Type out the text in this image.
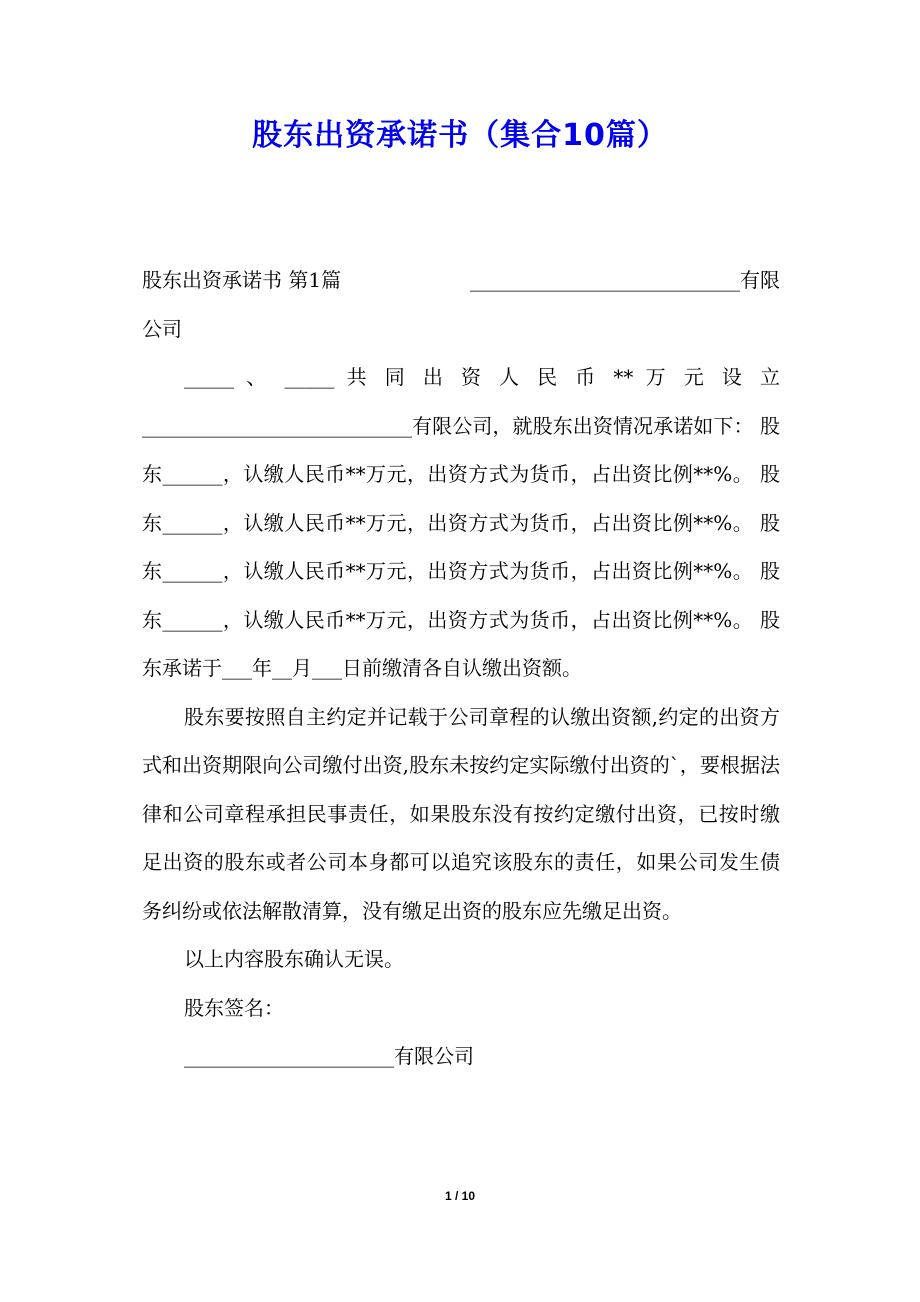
股东出资承诺书（集合10篇）

股东出资承诺书 第1篇	___________________________有限

公司

_____ 、 _____ 共 同 出 资 人 民 币 ** 万 元 设 立

___________________________有限公司，就股东出资情况承诺如下： 股东______，认缴人民币**万元，出资方式为货币，占出资比例**%。 股东______，认缴人民币**万元，出资方式为货币，占出资比例**%。 股东______，认缴人民币**万元，出资方式为货币，占出资比例**%。 股东______，认缴人民币**万元，出资方式为货币，占出资比例**%。 股东承诺于___年__月___日前缴清各自认缴出资额。

股东要按照自主约定并记载于公司章程的认缴出资额,约定的出资方式和出资期限向公司缴付出资,股东未按约定实际缴付出资的`，要根据法律和公司章程承担民事责任，如果股东没有按约定缴付出资，已按时缴足出资的股东或者公司本身都可以追究该股东的责任，如果公司发生债务纠纷或依法解散清算，没有缴足出资的股东应先缴足出资。

以上内容股东确认无误。

股东签名：

_____________________有限公司

1 / 10
